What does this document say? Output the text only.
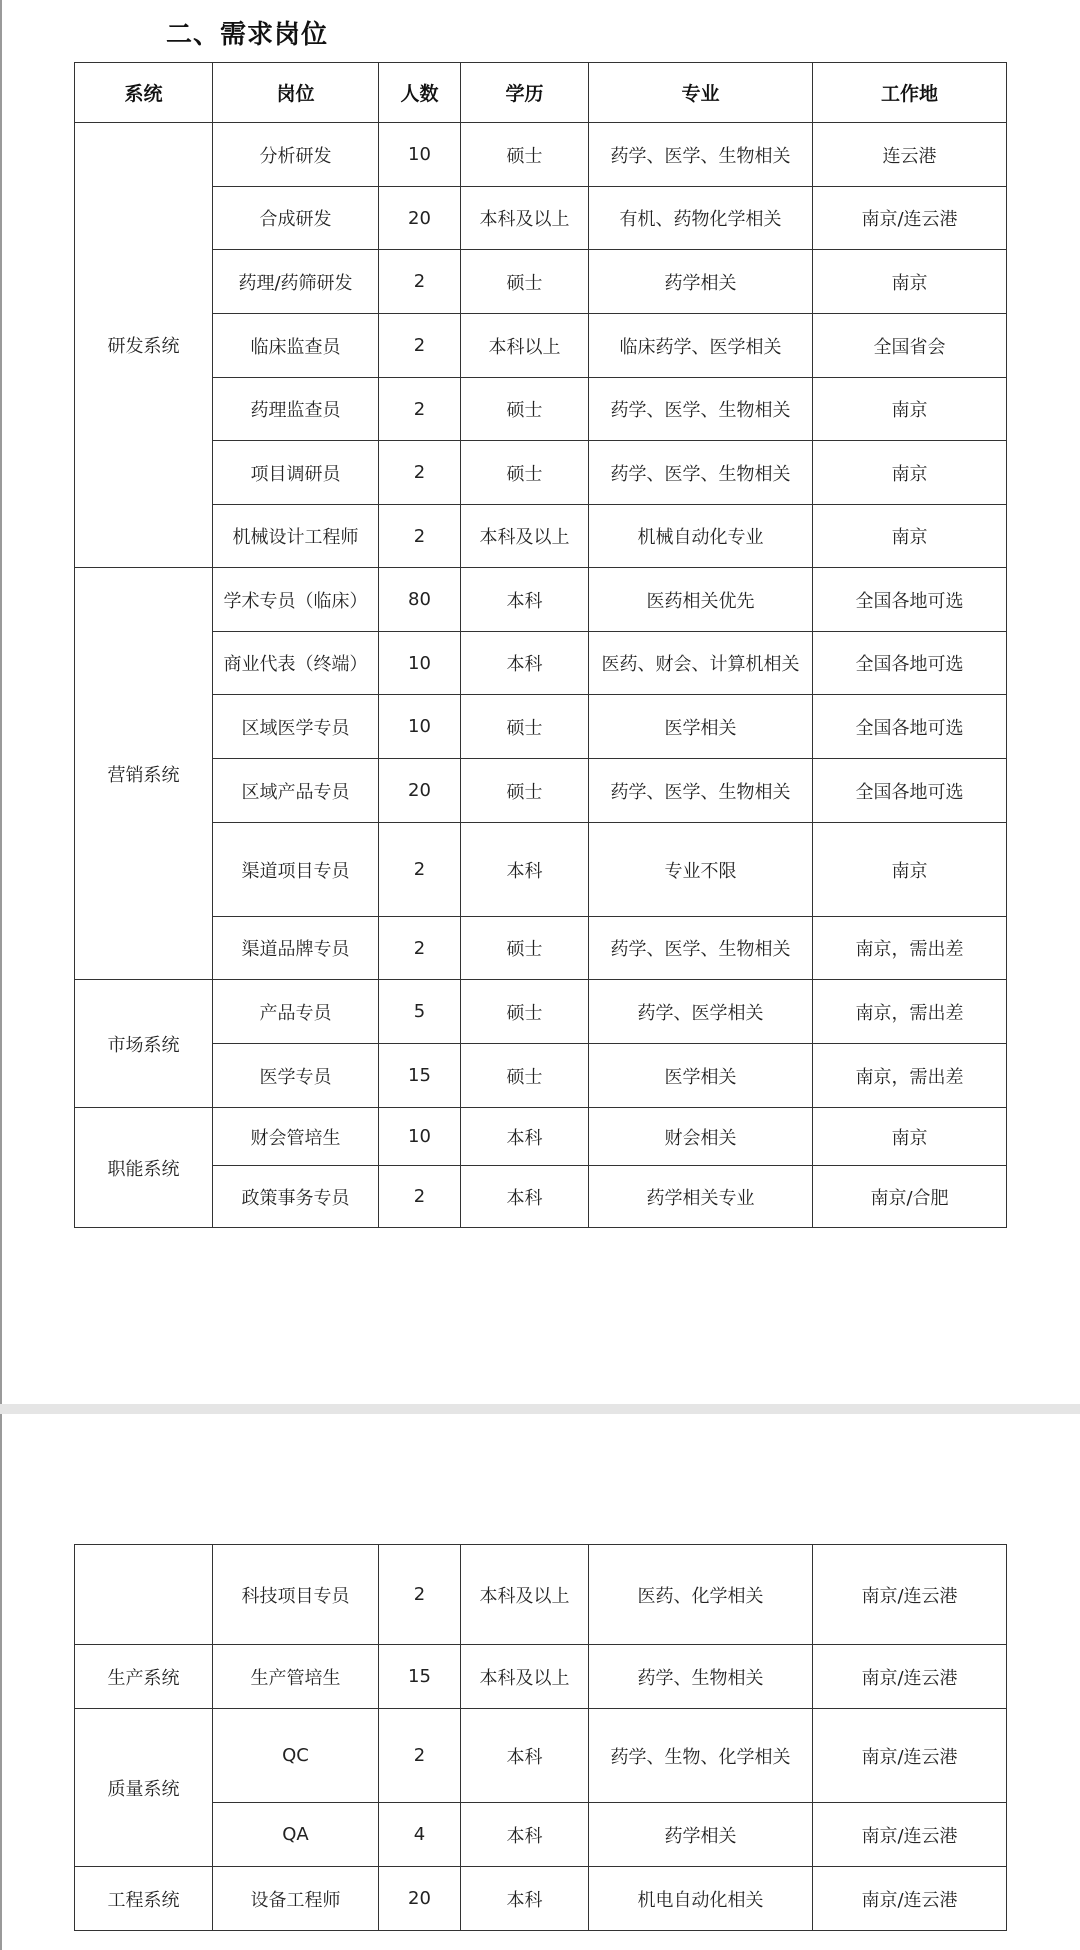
二、需求岗位
系统	岗位	人数	学历	专业	工作地
研发系统	分析研发	10	硕士	药学、医学、生物相关	连云港
	合成研发	20	本科及以上	有机、药物化学相关	南京/连云港
	药理/药筛研发	2	硕士	药学相关	南京
	临床监查员	2	本科以上	临床药学、医学相关	全国省会
	药理监查员	2	硕士	药学、医学、生物相关	南京
	项目调研员	2	硕士	药学、医学、生物相关	南京
	机械设计工程师	2	本科及以上	机械自动化专业	南京
营销系统	学术专员（临床）	80	本科	医药相关优先	全国各地可选
	商业代表（终端）	10	本科	医药、财会、计算机相关	全国各地可选
	区域医学专员	10	硕士	医学相关	全国各地可选
	区域产品专员	20	硕士	药学、医学、生物相关	全国各地可选
	渠道项目专员	2	本科	专业不限	南京
	渠道品牌专员	2	硕士	药学、医学、生物相关	南京，需出差
市场系统	产品专员	5	硕士	药学、医学相关	南京，需出差
	医学专员	15	硕士	医学相关	南京，需出差
职能系统	财会管培生	10	本科	财会相关	南京
	政策事务专员	2	本科	药学相关专业	南京/合肥
	科技项目专员	2	本科及以上	医药、化学相关	南京/连云港
生产系统	生产管培生	15	本科及以上	药学、生物相关	南京/连云港
质量系统	QC	2	本科	药学、生物、化学相关	南京/连云港
	QA	4	本科	药学相关	南京/连云港
工程系统	设备工程师	20	本科	机电自动化相关	南京/连云港
